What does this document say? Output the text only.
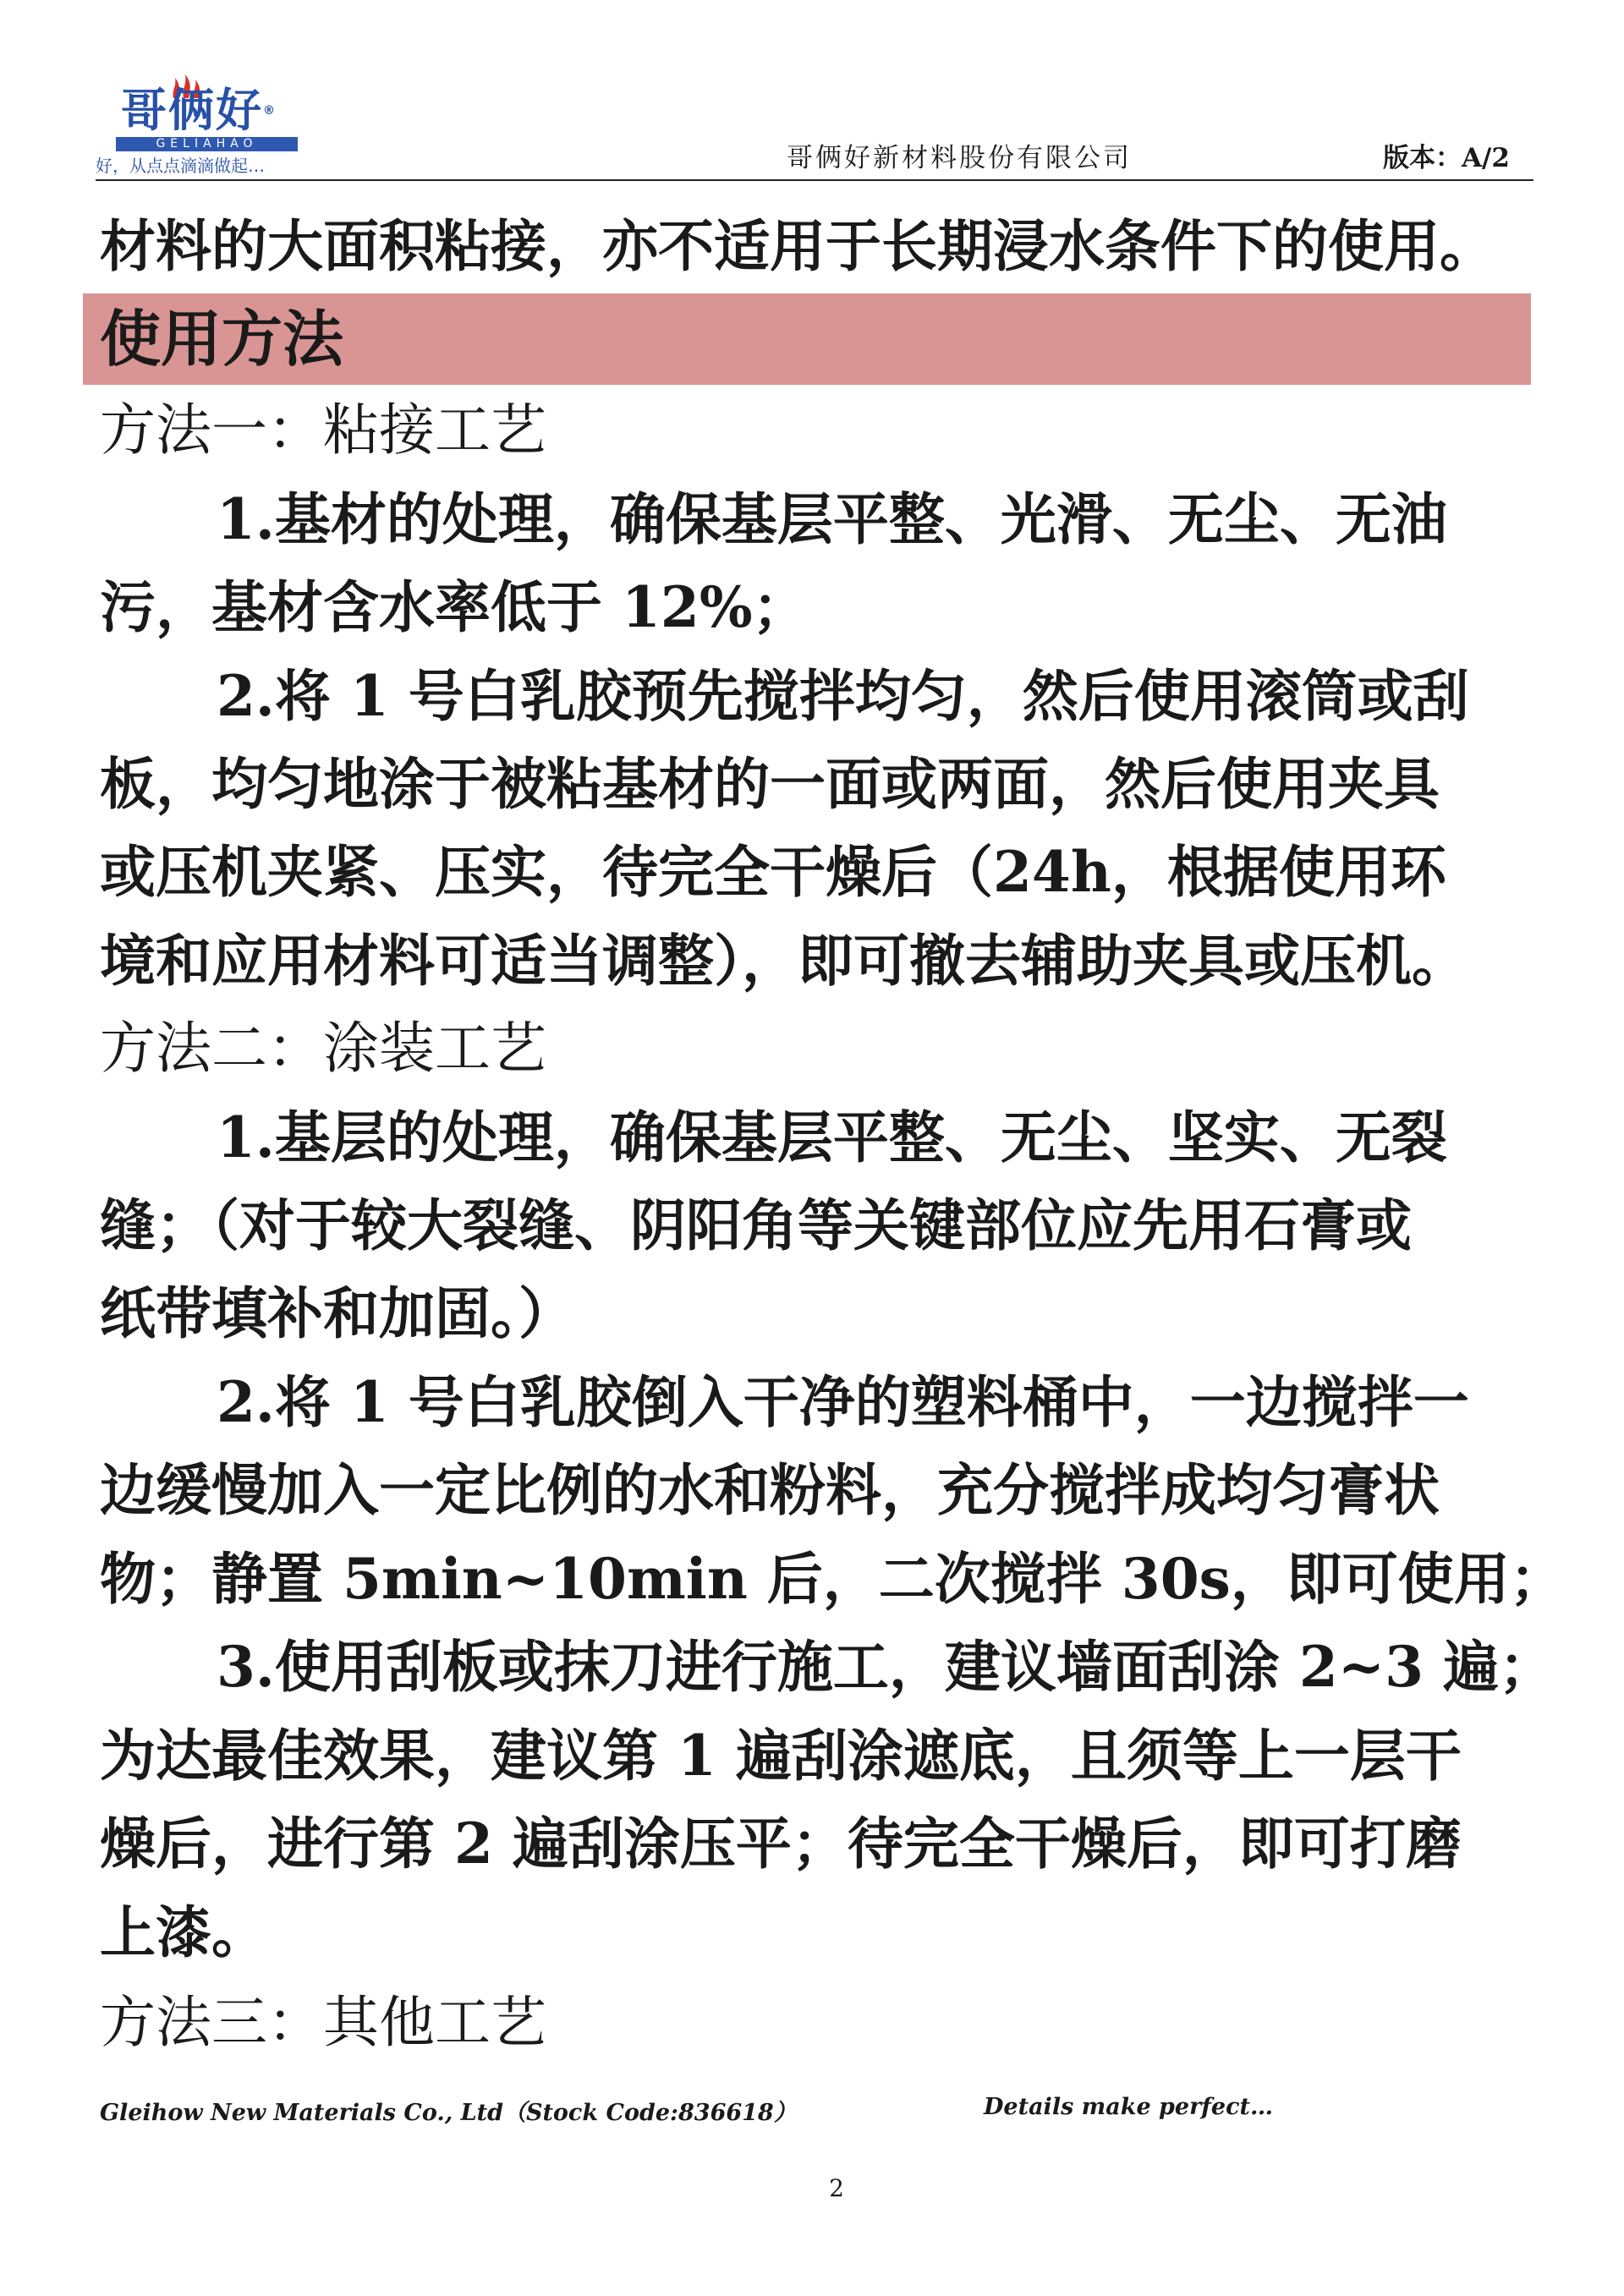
哥俩好®
GELIAHAO
好，从点点滴滴做起…	哥俩好新材料股份有限公司	版本：A/2
材料的大面积粘接，亦不适用于长期浸水条件下的使用。
使用方法
方法一：粘接工艺
1.基材的处理，确保基层平整、光滑、无尘、无油
污，基材含水率低于 12%；
2.将 1 号白乳胶预先搅拌均匀，然后使用滚筒或刮
板，均匀地涂于被粘基材的一面或两面，然后使用夹具
或压机夹紧、压实，待完全干燥后（24h，根据使用环
境和应用材料可适当调整），即可撤去辅助夹具或压机。
方法二：涂装工艺
1.基层的处理，确保基层平整、无尘、坚实、无裂
缝；（对于较大裂缝、阴阳角等关键部位应先用石膏或
纸带填补和加固。）
2.将 1 号白乳胶倒入干净的塑料桶中，一边搅拌一
边缓慢加入一定比例的水和粉料，充分搅拌成均匀膏状
物；静置 5min~10min 后，二次搅拌 30s，即可使用；
3.使用刮板或抹刀进行施工，建议墙面刮涂 2~3 遍；
为达最佳效果，建议第 1 遍刮涂遮底，且须等上一层干
燥后，进行第 2 遍刮涂压平；待完全干燥后，即可打磨
上漆。
方法三：其他工艺
Gleihow New Materials Co., Ltd（Stock Code:836618）	Details make perfect…
2
